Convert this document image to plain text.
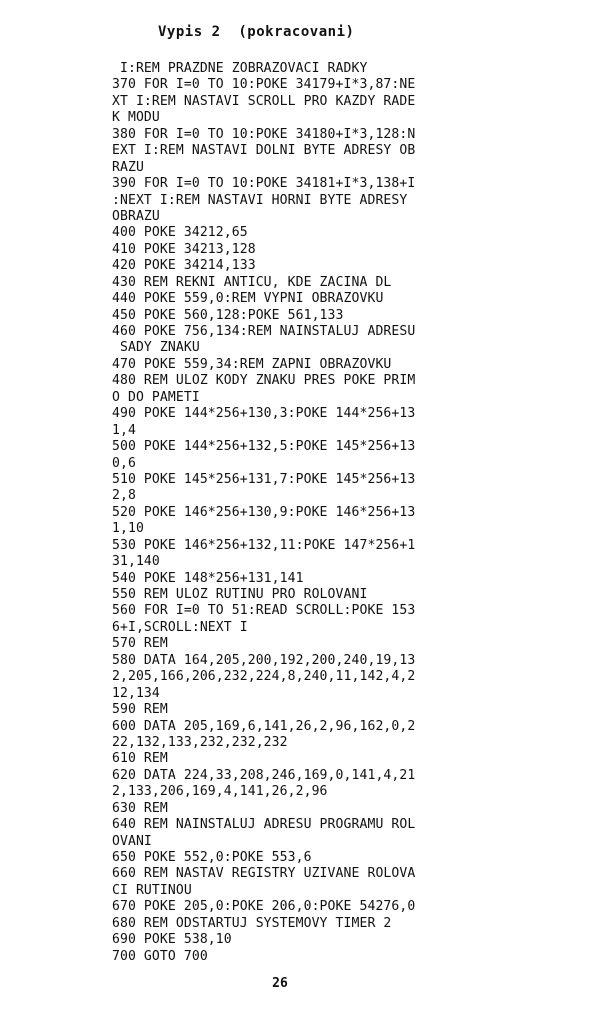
Vypis 2  (pokracovani)
I:REM PRAZDNE ZOBRAZOVACI RADKY
370 FOR I=0 TO 10:POKE 34179+I*3,87:NE
XT I:REM NASTAVI SCROLL PRO KAZDY RADE
K MODU
380 FOR I=0 TO 10:POKE 34180+I*3,128:N
EXT I:REM NASTAVI DOLNI BYTE ADRESY OB
RAZU
390 FOR I=0 TO 10:POKE 34181+I*3,138+I
:NEXT I:REM NASTAVI HORNI BYTE ADRESY
OBRAZU
400 POKE 34212,65
410 POKE 34213,128
420 POKE 34214,133
430 REM REKNI ANTICU, KDE ZACINA DL
440 POKE 559,0:REM VYPNI OBRAZOVKU
450 POKE 560,128:POKE 561,133
460 POKE 756,134:REM NAINSTALUJ ADRESU
SADY ZNAKU
470 POKE 559,34:REM ZAPNI OBRAZOVKU
480 REM ULOZ KODY ZNAKU PRES POKE PRIM
O DO PAMETI
490 POKE 144*256+130,3:POKE 144*256+13
1,4
500 POKE 144*256+132,5:POKE 145*256+13
0,6
510 POKE 145*256+131,7:POKE 145*256+13
2,8
520 POKE 146*256+130,9:POKE 146*256+13
1,10
530 POKE 146*256+132,11:POKE 147*256+1
31,140
540 POKE 148*256+131,141
550 REM ULOZ RUTINU PRO ROLOVANI
560 FOR I=0 TO 51:READ SCROLL:POKE 153
6+I,SCROLL:NEXT I
570 REM
580 DATA 164,205,200,192,200,240,19,13
2,205,166,206,232,224,8,240,11,142,4,2
12,134
590 REM
600 DATA 205,169,6,141,26,2,96,162,0,2
22,132,133,232,232,232
610 REM
620 DATA 224,33,208,246,169,0,141,4,21
2,133,206,169,4,141,26,2,96
630 REM
640 REM NAINSTALUJ ADRESU PROGRAMU ROL
OVANI
650 POKE 552,0:POKE 553,6
660 REM NASTAV REGISTRY UZIVANE ROLOVA
CI RUTINOU
670 POKE 205,0:POKE 206,0:POKE 54276,0
680 REM ODSTARTUJ SYSTEMOVY TIMER 2
690 POKE 538,10
700 GOTO 700
26
